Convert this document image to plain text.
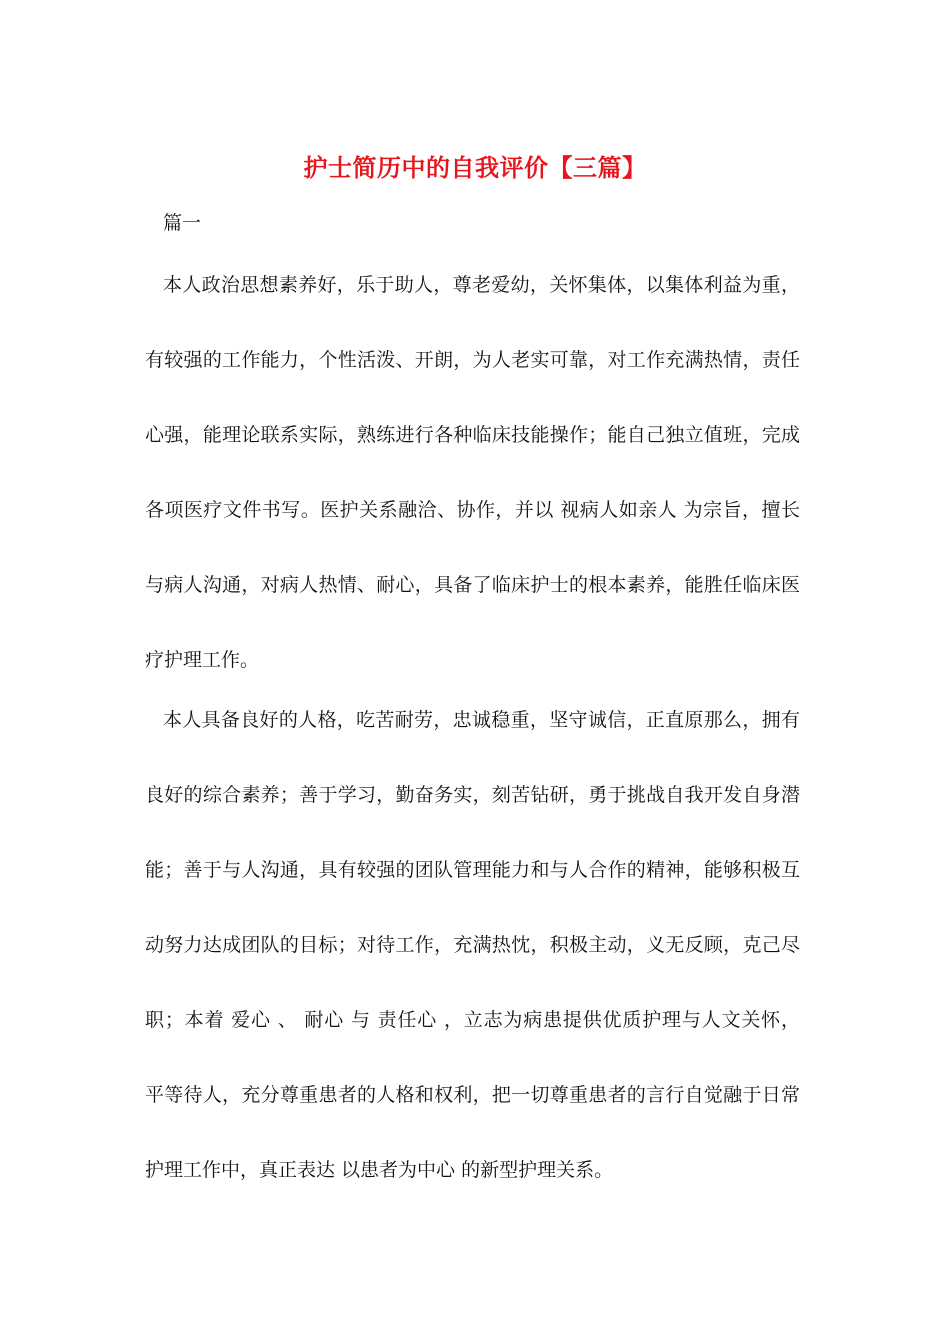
护士简历中的自我评价【三篇】
篇一
本人政治思想素养好，乐于助人，尊老爱幼，关怀集体，以集体利益为重，
有较强的工作能力，个性活泼、开朗，为人老实可靠，对工作充满热情，责任
心强，能理论联系实际，熟练进行各种临床技能操作；能自己独立值班，完成
各项医疗文件书写。医护关系融洽、协作，并以 视病人如亲人 为宗旨，擅长
与病人沟通，对病人热情、耐心，具备了临床护士的根本素养，能胜任临床医
疗护理工作。
本人具备良好的人格，吃苦耐劳，忠诚稳重，坚守诚信，正直原那么，拥有
良好的综合素养；善于学习，勤奋务实，刻苦钻研，勇于挑战自我开发自身潜
能；善于与人沟通，具有较强的团队管理能力和与人合作的精神，能够积极互
动努力达成团队的目标；对待工作，充满热忱，积极主动，义无反顾，克己尽
职；本着 爱心 、 耐心 与 责任心 ，立志为病患提供优质护理与人文关怀，
平等待人，充分尊重患者的人格和权利，把一切尊重患者的言行自觉融于日常
护理工作中，真正表达 以患者为中心 的新型护理关系。
